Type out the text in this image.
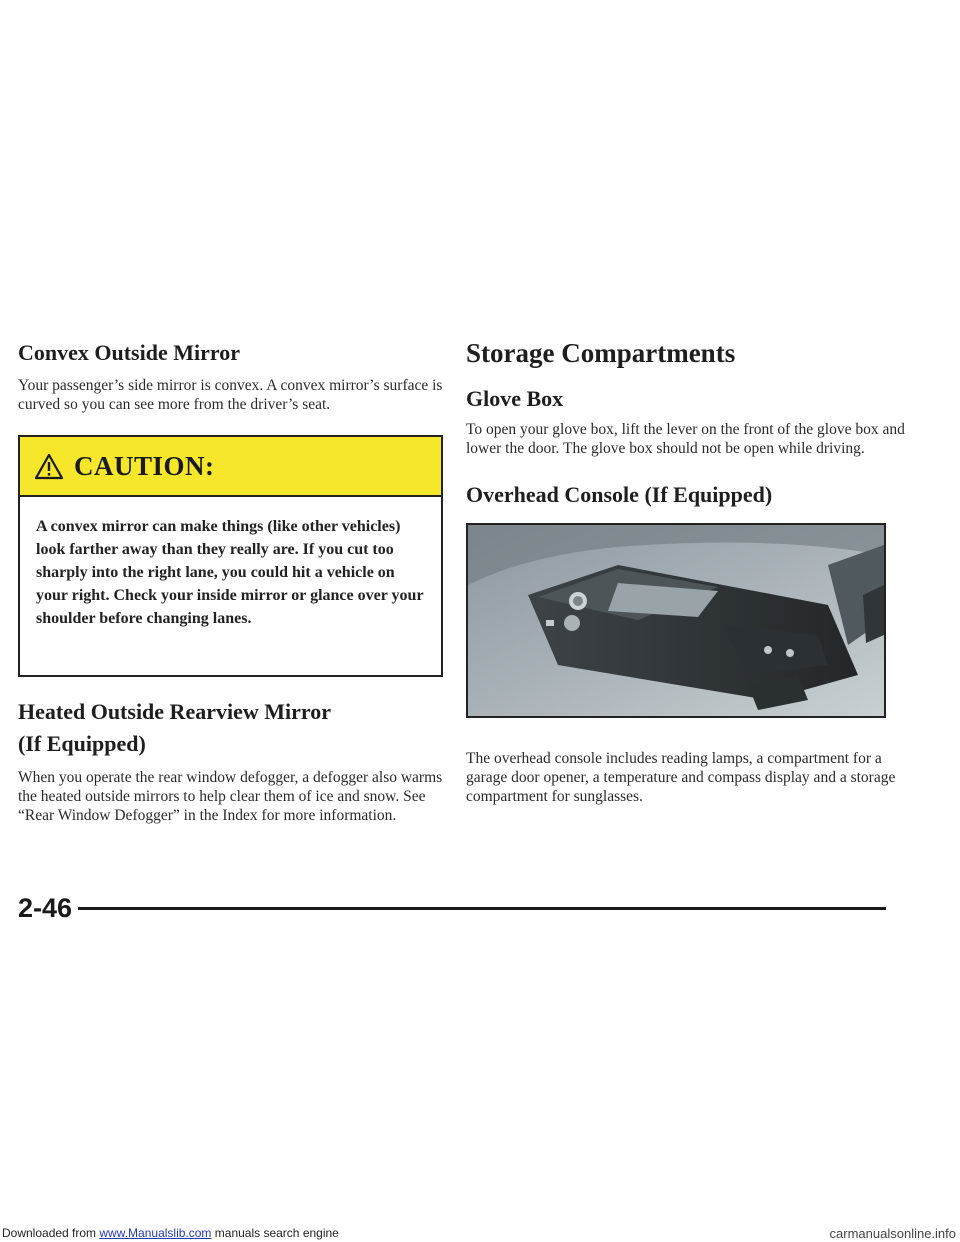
Convex Outside Mirror

Your passenger’s side mirror is convex. A convex mirror’s surface is curved so you can see more from the driver’s seat.

CAUTION:
A convex mirror can make things (like other vehicles) look farther away than they really are. If you cut too sharply into the right lane, you could hit a vehicle on your right. Check your inside mirror or glance over your shoulder before changing lanes.
Heated Outside Rearview Mirror
(If Equipped)

When you operate the rear window defogger, a defogger also warms the heated outside mirrors to help clear them of ice and snow. See “Rear Window Defogger” in the Index for more information.

Storage Compartments
Glove Box

To open your glove box, lift the lever on the front of the glove box and lower the door. The glove box should not be open while driving.

Overhead Console (If Equipped)

The overhead console includes reading lamps, a compartment for a garage door opener, a temperature and compass display and a storage compartment for sunglasses.

2-46
Downloaded from www.Manualslib.com manuals search engine	carmanualsonline.info
